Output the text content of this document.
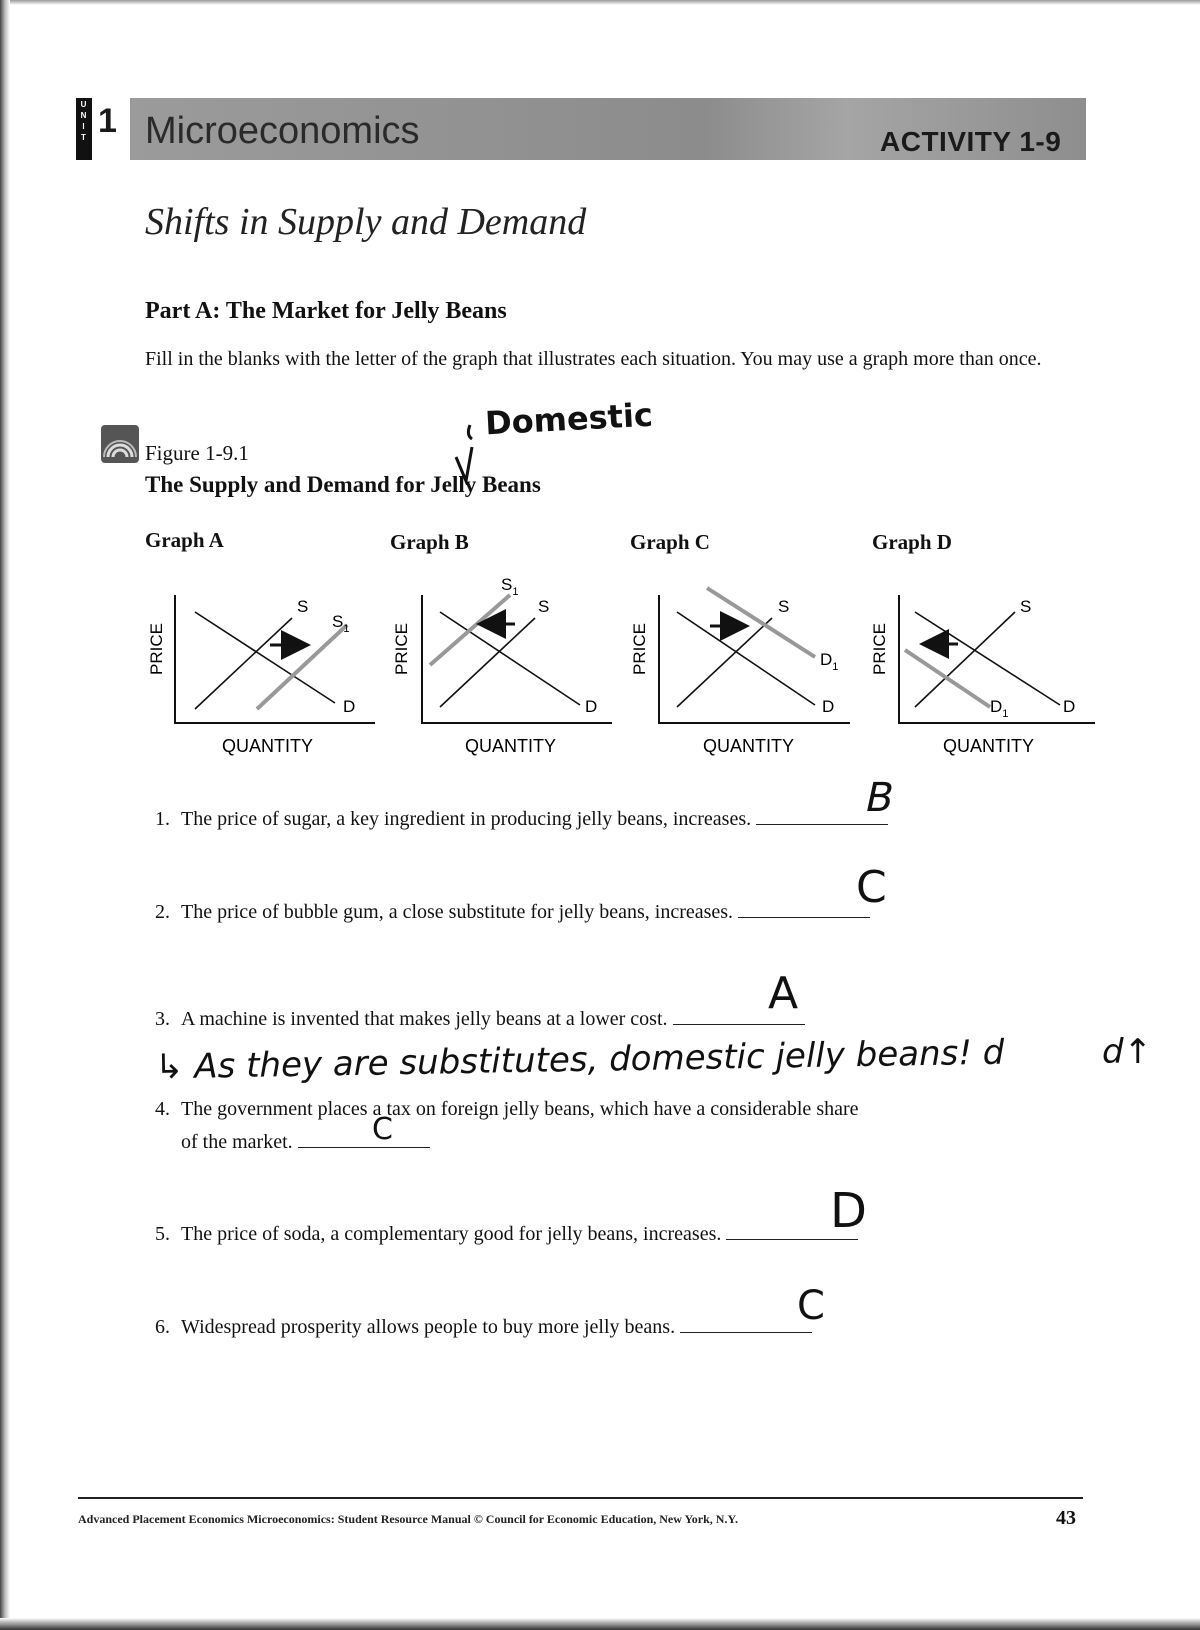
UNIT 1 Microeconomics	ACTIVITY 1-9
Shifts in Supply and Demand
Part A: The Market for Jelly Beans
Fill in the blanks with the letter of the graph that illustrates each situation. You may use a graph more than once.
Figure 1-9.1
The Supply and Demand for Jelly Beans
Domestic
Graph A	Graph B	Graph C	Graph D
PRICE
S
$S_1$
D
QUANTITY
PRICE
$S_1$
S
D
QUANTITY
PRICE
S
$D_1$
D
QUANTITY
PRICE
S
$D_1$	D
QUANTITY
1. The price of sugar, a key ingredient in producing jelly beans, increases.	B
2. The price of bubble gum, a close substitute for jelly beans, increases.	C
3. A machine is invented that makes jelly beans at a lower cost.	A
↳ As they are substitutes, domestic jelly beans! d	d↑
4. The government places a tax on foreign jelly beans, which have a considerable share
of the market.	C
5. The price of soda, a complementary good for jelly beans, increases.	D
6. Widespread prosperity allows people to buy more jelly beans.	C
Advanced Placement Economics Microeconomics: Student Resource Manual © Council for Economic Education, New York, N.Y.	43
